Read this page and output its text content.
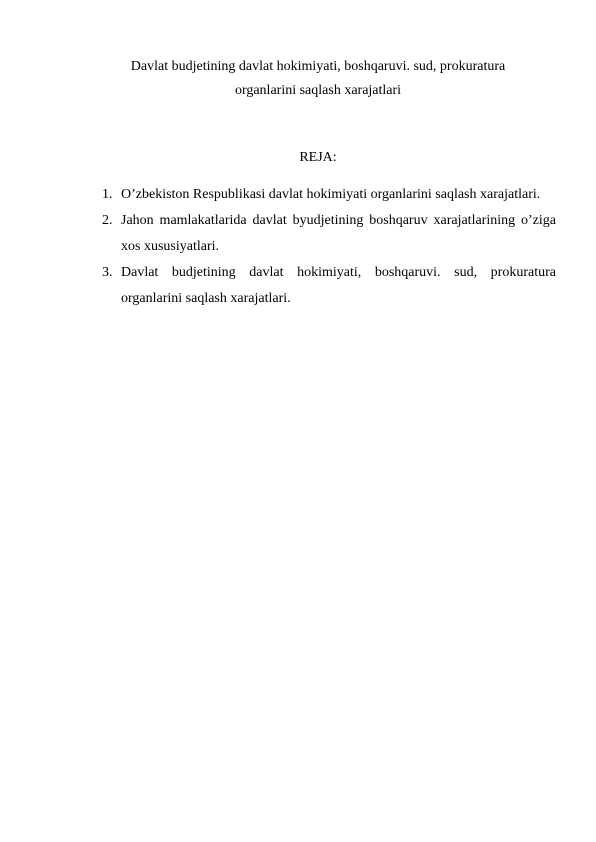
Davlat budjetining davlat hokimiyati, boshqaruvi. sud, prokuratura
organlarini saqlash xarajatlari
REJA:
1. O’zbekiston Respublikasi davlat hokimiyati organlarini saqlash xarajatlari.
2. Jahon mamlakatlarida davlat byudjetining boshqaruv xarajatlarining o’ziga xos xususiyatlari.
3. Davlat budjetining davlat hokimiyati, boshqaruvi. sud, prokuratura organlarini saqlash xarajatlari.
